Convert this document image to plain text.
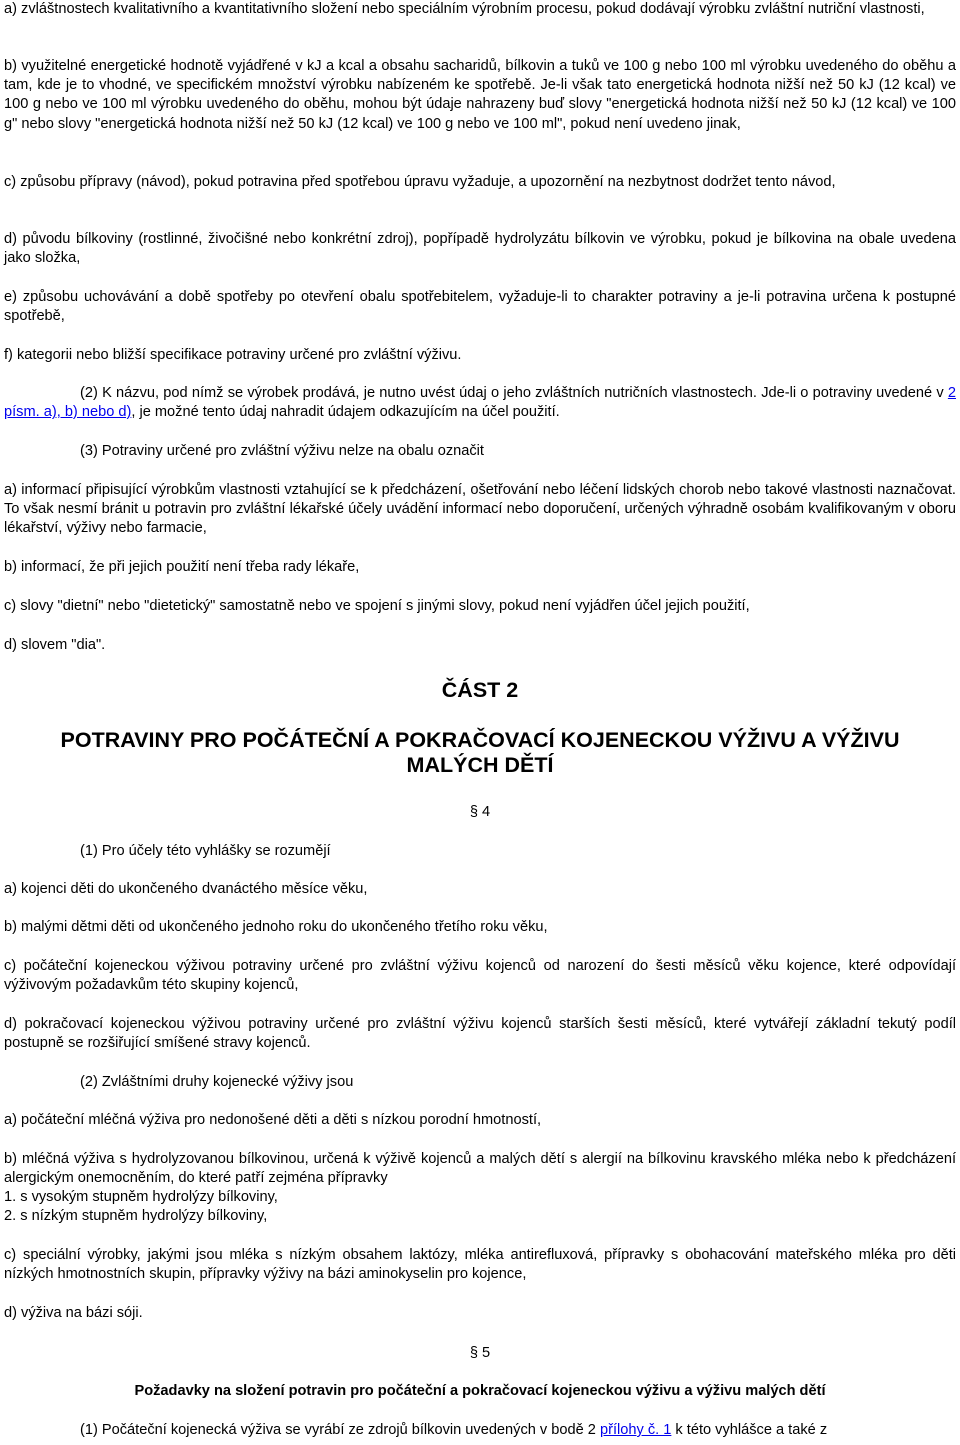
a) zvláštnostech kvalitativního a kvantitativního složení nebo speciálním výrobním procesu, pokud dodávají výrobku zvláštní nutriční vlastnosti,

b) využitelné energetické hodnotě vyjádřené v kJ a kcal a obsahu sacharidů, bílkovin a tuků ve 100 g nebo 100 ml výrobku uvedeného do oběhu a tam, kde je to vhodné, ve specifickém množství výrobku nabízeném ke spotřebě. Je-li však tato energetická hodnota nižší než 50 kJ (12 kcal) ve 100 g nebo ve 100 ml výrobku uvedeného do oběhu, mohou být údaje nahrazeny buď slovy "energetická hodnota nižší než 50 kJ (12 kcal) ve 100 g" nebo slovy "energetická hodnota nižší než 50 kJ (12 kcal) ve 100 g nebo ve 100 ml", pokud není uvedeno jinak,

c) způsobu přípravy (návod), pokud potravina před spotřebou úpravu vyžaduje, a upozornění na nezbytnost dodržet tento návod,

d) původu bílkoviny (rostlinné, živočišné nebo konkrétní zdroj), popřípadě hydrolyzátu bílkovin ve výrobku, pokud je bílkovina na obale uvedena jako složka,

e) způsobu uchovávání a době spotřeby po otevření obalu spotřebitelem, vyžaduje-li to charakter potraviny a je-li potravina určena k postupné spotřebě,

f) kategorii nebo bližší specifikace potraviny určené pro zvláštní výživu.

(2) K názvu, pod nímž se výrobek prodává, je nutno uvést údaj o jeho zvláštních nutričních vlastnostech. Jde-li o potraviny uvedené v 2 písm. a), b) nebo d), je možné tento údaj nahradit údajem odkazujícím na účel použití.

(3) Potraviny určené pro zvláštní výživu nelze na obalu označit

a) informací připisující výrobkům vlastnosti vztahující se k předcházení, ošetřování nebo léčení lidských chorob nebo takové vlastnosti naznačovat. To však nesmí bránit u potravin pro zvláštní lékařské účely uvádění informací nebo doporučení, určených výhradně osobám kvalifikovaným v oboru lékařství, výživy nebo farmacie,

b) informací, že při jejich použití není třeba rady lékaře,

c) slovy "dietní" nebo "dietetický" samostatně nebo ve spojení s jinými slovy, pokud není vyjádřen účel jejich použití,

d) slovem "dia".

ČÁST 2
POTRAVINY PRO POČÁTEČNÍ A POKRAČOVACÍ KOJENECKOU VÝŽIVU A VÝŽIVU
MALÝCH DĚTÍ
§ 4

(1) Pro účely této vyhlášky se rozumějí

a) kojenci děti do ukončeného dvanáctého měsíce věku,

b) malými dětmi děti od ukončeného jednoho roku do ukončeného třetího roku věku,

c) počáteční kojeneckou výživou potraviny určené pro zvláštní výživu kojenců od narození do šesti měsíců věku kojence, které odpovídají výživovým požadavkům této skupiny kojenců,

d) pokračovací kojeneckou výživou potraviny určené pro zvláštní výživu kojenců starších šesti měsíců, které vytvářejí základní tekutý podíl postupně se rozšiřující smíšené stravy kojenců.

(2) Zvláštními druhy kojenecké výživy jsou

a) počáteční mléčná výživa pro nedonošené děti a děti s nízkou porodní hmotností,

b) mléčná výživa s hydrolyzovanou bílkovinou, určená k výživě kojenců a malých dětí s alergií na bílkovinu kravského mléka nebo k předcházení alergickým onemocněním, do které patří zejména přípravky

1. s vysokým stupněm hydrolýzy bílkoviny,

2. s nízkým stupněm hydrolýzy bílkoviny,

c) speciální výrobky, jakými jsou mléka s nízkým obsahem laktózy, mléka antirefluxová, přípravky s obohacování mateřského mléka pro děti nízkých hmotnostních skupin, přípravky výživy na bázi aminokyselin pro kojence,

d) výživa na bázi sóji.

§ 5
Požadavky na složení potravin pro počáteční a pokračovací kojeneckou výživu a výživu malých dětí

(1) Počáteční kojenecká výživa se vyrábí ze zdrojů bílkovin uvedených v bodě 2 přílohy č. 1 k této vyhlášce a také z
